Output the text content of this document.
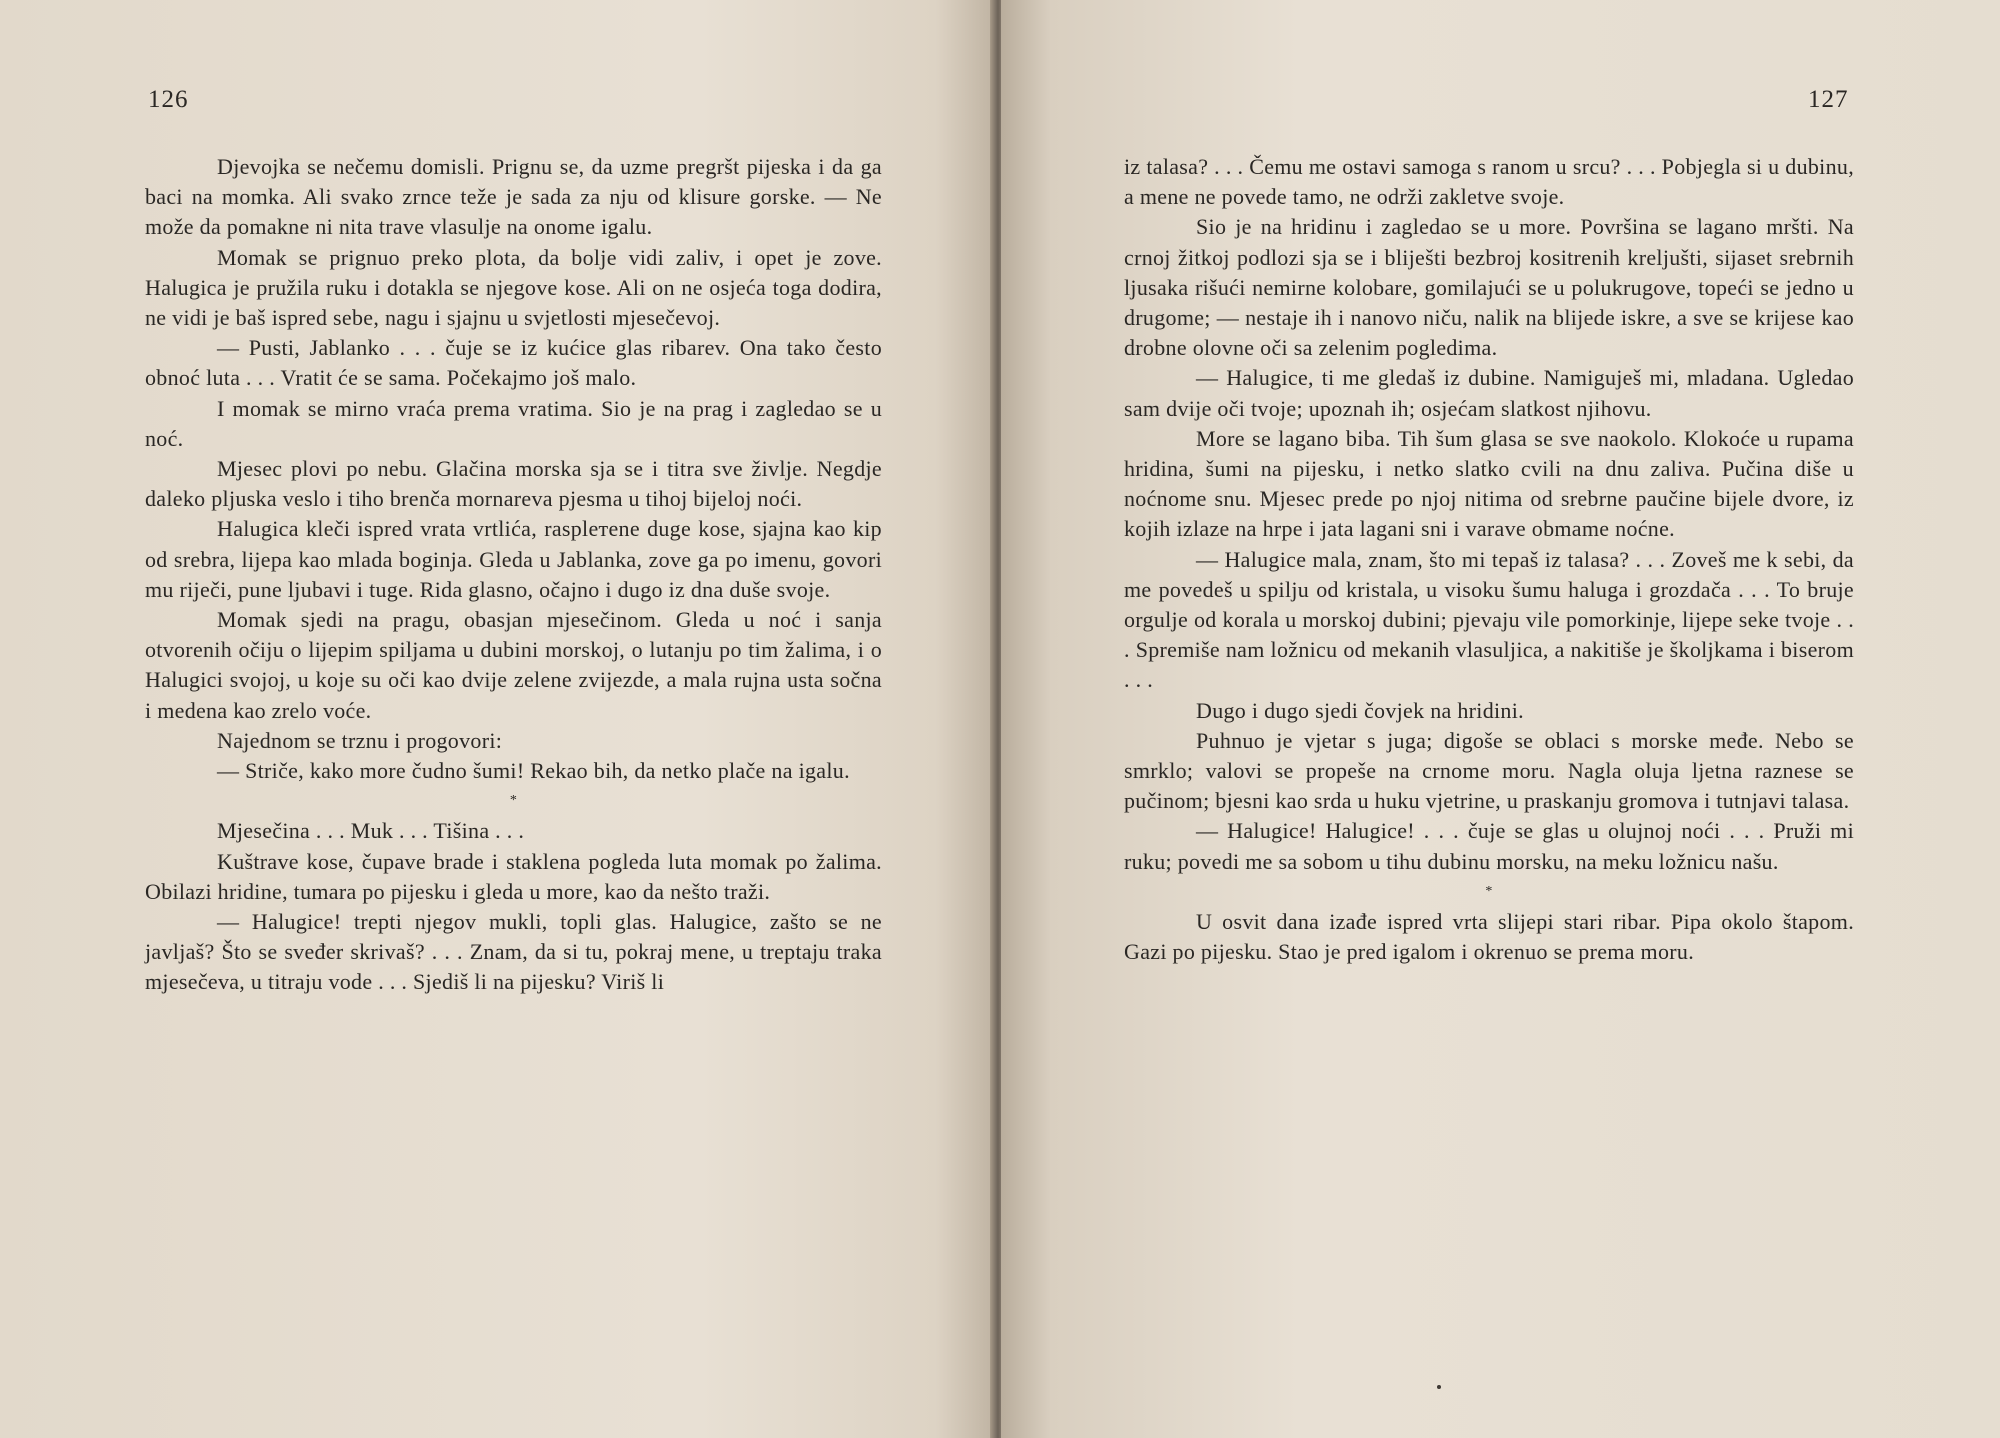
126

Djevojka se nečemu domisli. Prignu se, da uzme pregršt pijeska i da ga baci na momka. Ali svako zrnce teže je sada za nju od klisure gorske. — Ne može da pomakne ni nita trave vlasulje na onome igalu.

Momak se prignuo preko plota, da bolje vidi zaliv, i opet je zove. Halugica je pružila ruku i dotakla se njegove kose. Ali on ne osjeća toga dodira, ne vidi je baš ispred sebe, nagu i sjajnu u svjetlosti mjesečevoj.

— Pusti, Jablanko . . . čuje se iz kućice glas ribarev. Ona tako često obnoć luta . . . Vratit će se sama. Počekajmo još malo.

I momak se mirno vraća prema vratima. Sio je na prag i zagledao se u noć.

Mjesec plovi po nebu. Glačina morska sja se i titra sve življe. Negdje daleko pljuska veslo i tiho brenča mornareva pjesma u tihoj bijeloj noći.

Halugica kleči ispred vrata vrtlića, rasplетene duge kose, sjajna kao kip od srebra, lijepa kao mlada boginja. Gleda u Jablanka, zove ga po imenu, govori mu riječi, pune ljubavi i tuge. Rida glasno, očajno i dugo iz dna duše svoje.

Momak sjedi na pragu, obasjan mjesečinom. Gleda u noć i sanja otvorenih očiju o lijepim spiljama u dubini morskoj, o lutanju po tim žalima, i o Halugici svojoj, u koje su oči kao dvije zelene zvijezde, a mala rujna usta sočna i medena kao zrelo voće.

Najednom se trznu i progovori:

— Striče, kako more čudno šumi! Rekao bih, da netko plače na igalu.

*

Mjesečina . . . Muk . . . Tišina . . .

Kuštrave kose, čupave brade i staklena pogleda luta momak po žalima. Obilazi hridine, tumara po pijesku i gleda u more, kao da nešto traži.

— Halugice! trepti njegov mukli, topli glas. Halugice, zašto se ne javljaš? Što se sveđer skrivaš? . . . Znam, da si tu, pokraj mene, u treptaju traka mjesečeva, u titraju vode . . . Sjediš li na pijesku? Viriš li

127

iz talasa? . . . Čemu me ostavi samoga s ranom u srcu? . . . Pobjegla si u dubinu, a mene ne povede tamo, ne održi zakletve svoje.

Sio je na hridinu i zagledao se u more. Površina se lagano mršti. Na crnoj žitkoj podlozi sja se i bliješti bezbroj kositrenih krelјušti, sijaset srebrnih ljusaka rišući nemirne kolobare, gomilajući se u polukrugove, topeći se jedno u drugome; — nestaje ih i nanovo niču, nalik na blijede iskre, a sve se krijese kao drobne olovne oči sa zelenim pogledima.

— Halugice, ti me gledaš iz dubine. Namiguješ mi, mladana. Ugledao sam dvije oči tvoje; upoznah ih; osjećam slatkost njihovu.

More se lagano biba. Tih šum glasa se sve naokolo. Klokoće u rupama hridina, šumi na pijesku, i netko slatko cvili na dnu zaliva. Pučina diše u noćnome snu. Mjesec prede po njoj nitima od srebrne paučine bijele dvore, iz kojih izlaze na hrpe i jata lagani sni i varave obmame noćne.

— Halugice mala, znam, što mi tepaš iz talasa? . . . Zoveš me k sebi, da me povedeš u spilju od kristala, u visoku šumu haluga i grozdača . . . To bruje orgulje od korala u morskoj dubini; pjevaju vile pomorkinje, lijepe seke tvoje . . . Spremiše nam ložnicu od mekanih vlasuljica, a nakitiše je školjkama i biserom . . .

Dugo i dugo sjedi čovjek na hridini.

Puhnuo je vjetar s juga; digoše se oblaci s morske međe. Nebo se smrklo; valovi se propeše na crnome moru. Nagla oluja ljetna raznese se pučinom; bjesni kao srda u huku vjetrine, u praskanju gromova i tutnjavi talasa.

— Halugice! Halugice! . . . čuje se glas u olujnoj noći . . . Pruži mi ruku; povedi me sa sobom u tihu dubinu morsku, na meku ložnicu našu.

*

U osvit dana izađe ispred vrta slijepi stari ribar. Pipa okolo štapom. Gazi po pijesku. Stao je pred igalom i okrenuo se prema moru.
